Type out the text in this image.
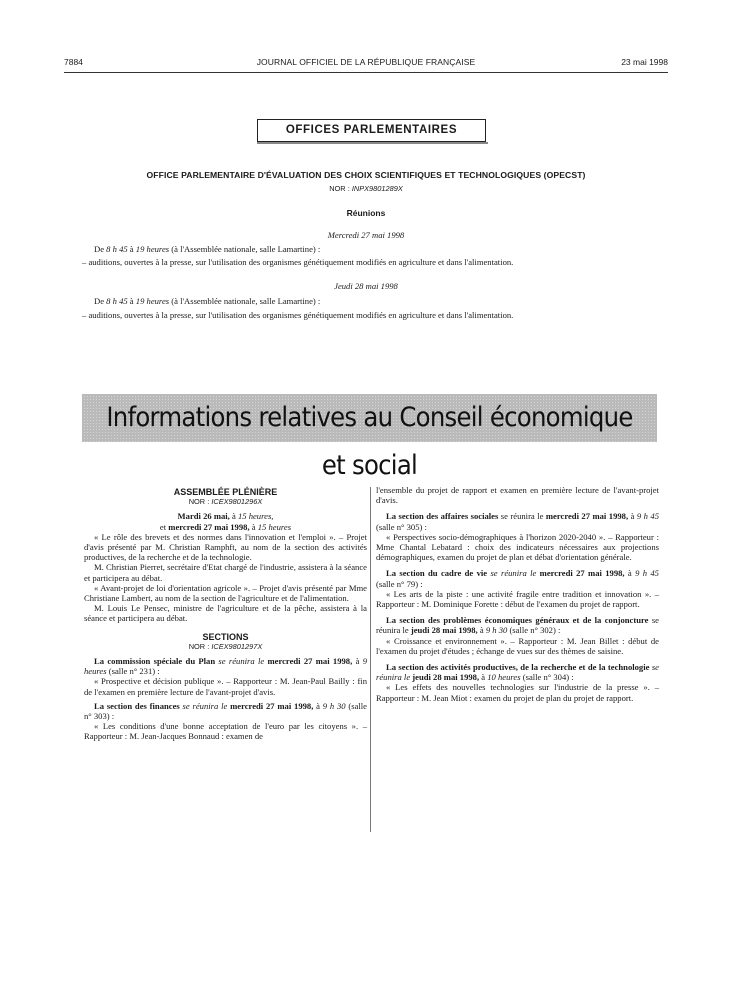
7884	JOURNAL OFFICIEL DE LA RÉPUBLIQUE FRANÇAISE	23 mai 1998
OFFICES PARLEMENTAIRES
OFFICE PARLEMENTAIRE D'ÉVALUATION DES CHOIX SCIENTIFIQUES ET TECHNOLOGIQUES (OPECST)
NOR : INPX9801289X
Réunions
Mercredi 27 mai 1998
De 8 h 45 à 19 heures (à l'Assemblée nationale, salle Lamartine) :
– auditions, ouvertes à la presse, sur l'utilisation des organismes génétiquement modifiés en agriculture et dans l'alimentation.
Jeudi 28 mai 1998
De 8 h 45 à 19 heures (à l'Assemblée nationale, salle Lamartine) :
– auditions, ouvertes à la presse, sur l'utilisation des organismes génétiquement modifiés en agriculture et dans l'alimentation.
Informations relatives au Conseil économique et social
ASSEMBLÉE PLÉNIÈRE
NOR : ICEX9801296X

Mardi 26 mai, à 15 heures,

et mercredi 27 mai 1998, à 15 heures

« Le rôle des brevets et des normes dans l'innovation et l'emploi ». – Projet d'avis présenté par M. Christian Ramphft, au nom de la section des activités productives, de la recherche et de la technologie.

M. Christian Pierret, secrétaire d'Etat chargé de l'industrie, assistera à la séance et participera au débat.

« Avant-projet de loi d'orientation agricole ». – Projet d'avis présenté par Mme Christiane Lambert, au nom de la section de l'agriculture et de l'alimentation.

M. Louis Le Pensec, ministre de l'agriculture et de la pêche, assistera à la séance et participera au débat.

SECTIONS
NOR : ICEX9801297X

La commission spéciale du Plan se réunira le mercredi 27 mai 1998, à 9 heures (salle n° 231) :

« Prospective et décision publique ». – Rapporteur : M. Jean-Paul Bailly : fin de l'examen en première lecture de l'avant-projet d'avis.

La section des finances se réunira le mercredi 27 mai 1998, à 9 h 30 (salle n° 303) :

« Les conditions d'une bonne acceptation de l'euro par les citoyens ». – Rapporteur : M. Jean-Jacques Bonnaud : examen de

l'ensemble du projet de rapport et examen en première lecture de l'avant-projet d'avis.

La section des affaires sociales se réunira le mercredi 27 mai 1998, à 9 h 45 (salle n° 305) :

« Perspectives socio-démographiques à l'horizon 2020-2040 ». – Rapporteur : Mme Chantal Lebatard : choix des indicateurs nécessaires aux projections démographiques, examen du projet de plan et débat d'orientation générale.

La section du cadre de vie se réunira le mercredi 27 mai 1998, à 9 h 45 (salle n° 79) :

« Les arts de la piste : une activité fragile entre tradition et innovation ». – Rapporteur : M. Dominique Forette : début de l'examen du projet de rapport.

La section des problèmes économiques généraux et de la conjoncture se réunira le jeudi 28 mai 1998, à 9 h 30 (salle n° 302) :

« Croissance et environnement ». – Rapporteur : M. Jean Billet : début de l'examen du projet d'études ; échange de vues sur des thèmes de saisine.

La section des activités productives, de la recherche et de la technologie se réunira le jeudi 28 mai 1998, à 10 heures (salle n° 304) :

« Les effets des nouvelles technologies sur l'industrie de la presse ». – Rapporteur : M. Jean Miot : examen du projet de plan du projet de rapport.
